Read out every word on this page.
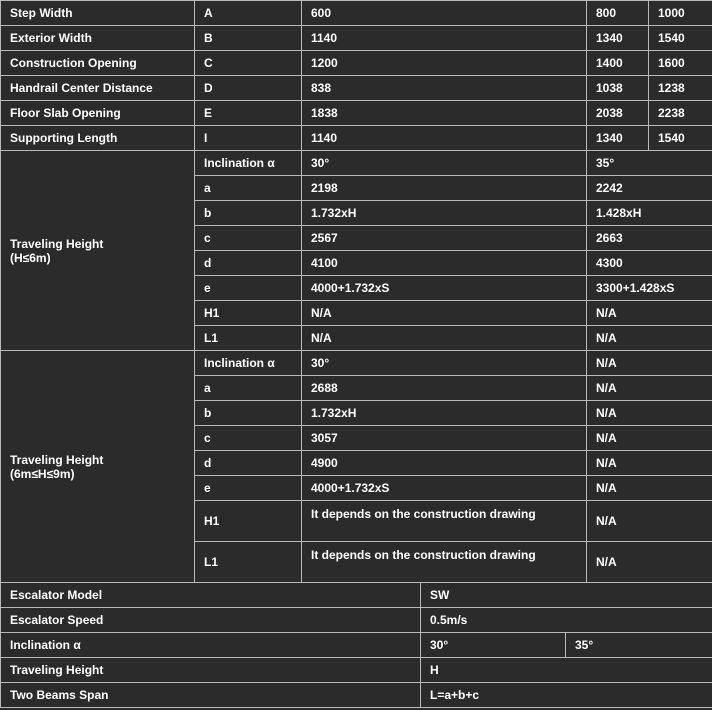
Step Width	A	600	800	1000
Exterior Width	B	1140	1340	1540
Construction Opening	C	1200	1400	1600
Handrail Center Distance	D	838	1038	1238
Floor Slab Opening	E	1838	2038	2238
Supporting Length	I	1140	1340	1540
Traveling Height
(H≤6m)	Inclination α	30°	35°	
	a	2198	2242	
	b	1.732xH	1.428xH	
	c	2567	2663	
	d	4100	4300	
	e	4000+1.732xS	3300+1.428xS	
	H1	N/A	N/A	
	L1	N/A	N/A	
Traveling Height
(6m≤H≤9m)	Inclination α	30°	N/A	
	a	2688	N/A	
	b	1.732xH	N/A	
	c	3057	N/A	
	d	4900	N/A	
	e	4000+1.732xS	N/A	
	H1	It depends on the construction drawing	N/A	
	L1	It depends on the construction drawing	N/A	
Escalator Model	SW	
Escalator Speed	0.5m/s	
Inclination α	30°	35°
Traveling Height	H	
Two Beams Span	L=a+b+c	
